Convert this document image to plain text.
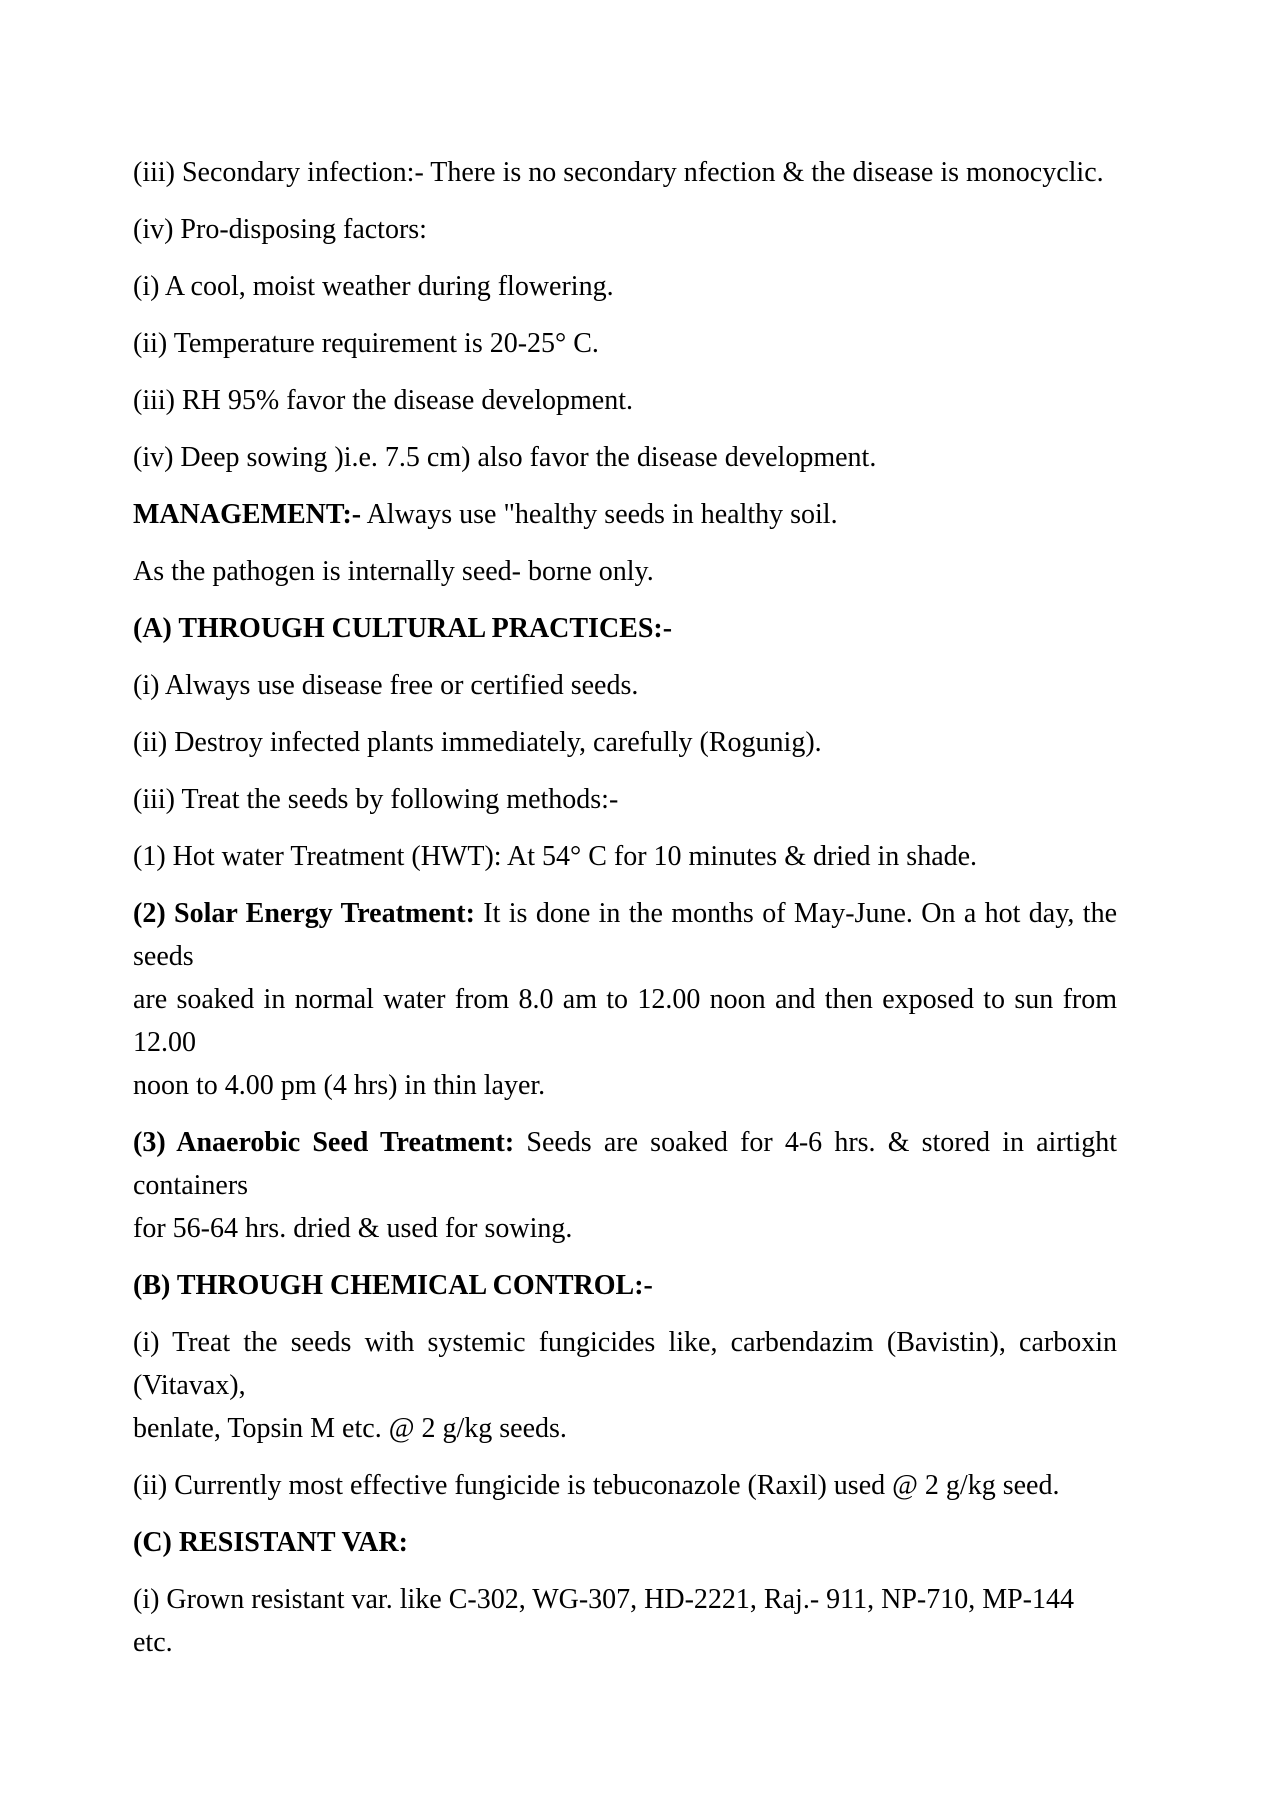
(iii) Secondary infection:- There is no secondary nfection & the disease is monocyclic.

(iv) Pro-disposing factors:

(i) A cool, moist weather during flowering.

(ii) Temperature requirement is 20-25° C.

(iii) RH 95% favor the disease development.

(iv) Deep sowing )i.e. 7.5 cm) also favor the disease development.

MANAGEMENT:- Always use "healthy seeds in healthy soil.

As the pathogen is internally seed- borne only.

(A) THROUGH CULTURAL PRACTICES:-

(i) Always use disease free or certified seeds.

(ii) Destroy infected plants immediately, carefully (Rogunig).

(iii) Treat the seeds by following methods:-

(1) Hot water Treatment (HWT): At 54° C for 10 minutes & dried in shade.

(2) Solar Energy Treatment: It is done in the months of May-June. On a hot day, the seeds
are soaked in normal water from 8.0 am to 12.00 noon and then exposed to sun from 12.00
noon to 4.00 pm (4 hrs) in thin layer.

(3) Anaerobic Seed Treatment: Seeds are soaked for 4-6 hrs. & stored in airtight containers
for 56-64 hrs. dried & used for sowing.

(B) THROUGH CHEMICAL CONTROL:-

(i) Treat the seeds with systemic fungicides like, carbendazim (Bavistin), carboxin (Vitavax),
benlate, Topsin M etc. @ 2 g/kg seeds.

(ii) Currently most effective fungicide is tebuconazole (Raxil) used @ 2 g/kg seed.

(C) RESISTANT VAR:

(i) Grown resistant var. like C-302, WG-307, HD-2221, Raj.- 911, NP-710, MP-144 etc.
